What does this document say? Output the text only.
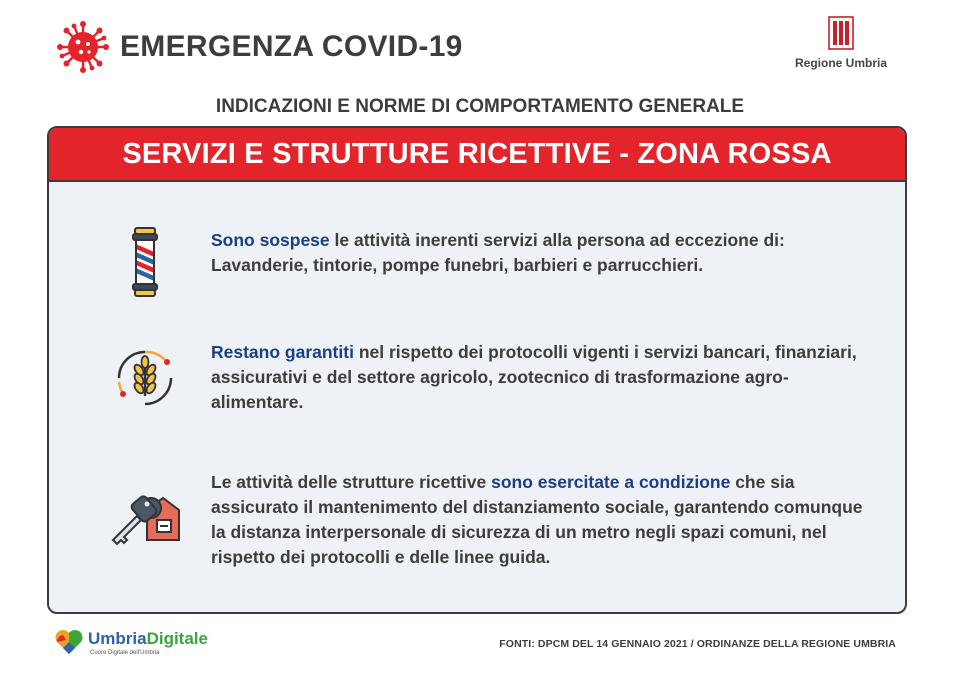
EMERGENZA COVID-19	Regione Umbria
INDICAZIONI E NORME DI COMPORTAMENTO GENERALE
SERVIZI E STRUTTURE RICETTIVE - ZONA ROSSA
Sono sospese le attività inerenti servizi alla persona ad eccezione di: Lavanderie, tintorie, pompe funebri, barbieri e parrucchieri.
Restano garantiti nel rispetto dei protocolli vigenti i servizi bancari, finanziari, assicurativi e del settore agricolo, zootecnico di trasformazione agro-alimentare.
Le attività delle strutture ricettive sono esercitate a condizione che sia assicurato il mantenimento del distanziamento sociale, garantendo comunque la distanza interpersonale di sicurezza di un metro negli spazi comuni, nel rispetto dei protocolli e delle linee guida.
UmbriaDigitale
Cuore Digitale dell'Umbria
FONTI: DPCM DEL 14 GENNAIO 2021 / ORDINANZE DELLA REGIONE UMBRIA
